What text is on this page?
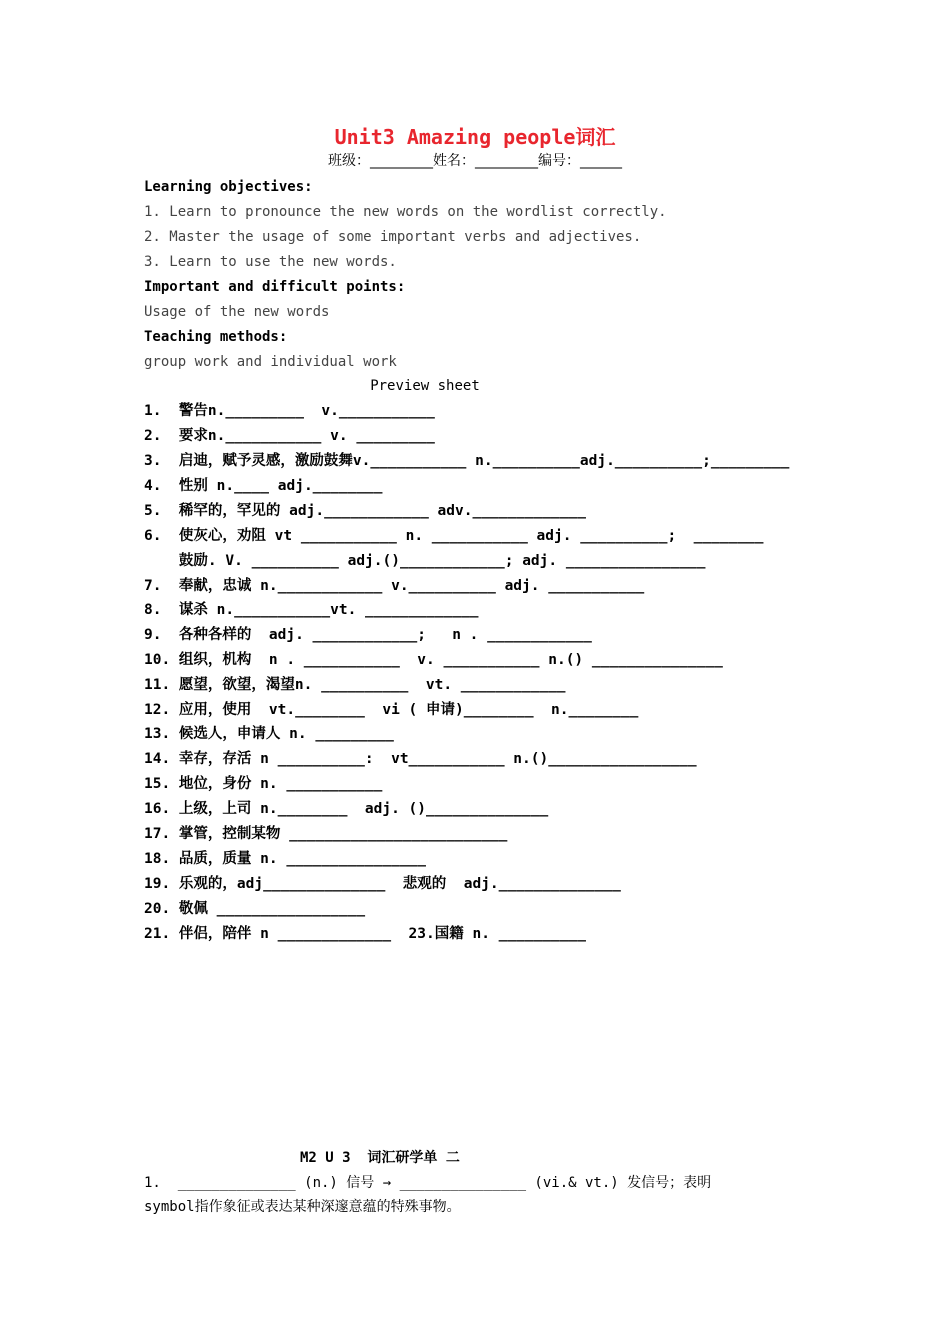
Unit3 Amazing people词汇
班级：_________姓名：_________编号：______
Learning objectives:
1. Learn to pronounce the new words on the wordlist correctly.
2. Master the usage of some important verbs and adjectives.
3. Learn to use the new words.
Important and difficult points:
Usage of the new words
Teaching methods:
group work and individual work
Preview sheet
1.  警告n._________  v.___________
2.  要求n.___________ v. _________
3.  启迪，赋予灵感，激励鼓舞v.___________ n.__________adj.__________;_________
4.  性别 n.____ adj.________
5.  稀罕的，罕见的 adj.____________ adv._____________
6.  使灰心，劝阻 vt ___________ n. ___________ adj. __________;  ________
鼓励. V. __________ adj.()____________; adj. ________________
7.  奉献，忠诚 n.____________ v.__________ adj. ___________
8.  谋杀 n.___________vt. _____________
9.  各种各样的  adj. ____________;   n . ____________
10. 组织，机构  n . ___________  v. ___________ n.() _______________
11. 愿望，欲望，渴望n. __________  vt. ____________
12. 应用，使用  vt.________  vi ( 申请)________  n.________
13. 候选人，申请人 n. _________
14. 幸存，存活 n __________:  vt___________ n.()_________________
15. 地位，身份 n. ___________
16. 上级，上司 n.________  adj. ()______________
17. 掌管，控制某物 _________________________
18. 品质，质量 n. ________________
19. 乐观的，adj______________  悲观的  adj.______________
20. 敬佩 _________________
21. 伴侣，陪伴 n _____________  23.国籍 n. __________
M2 U 3  词汇研学单 二
1.  ______________ (n.) 信号 → _______________ (vi.& vt.) 发信号；表明
symbol指作象征或表达某种深邃意蕴的特殊事物。
